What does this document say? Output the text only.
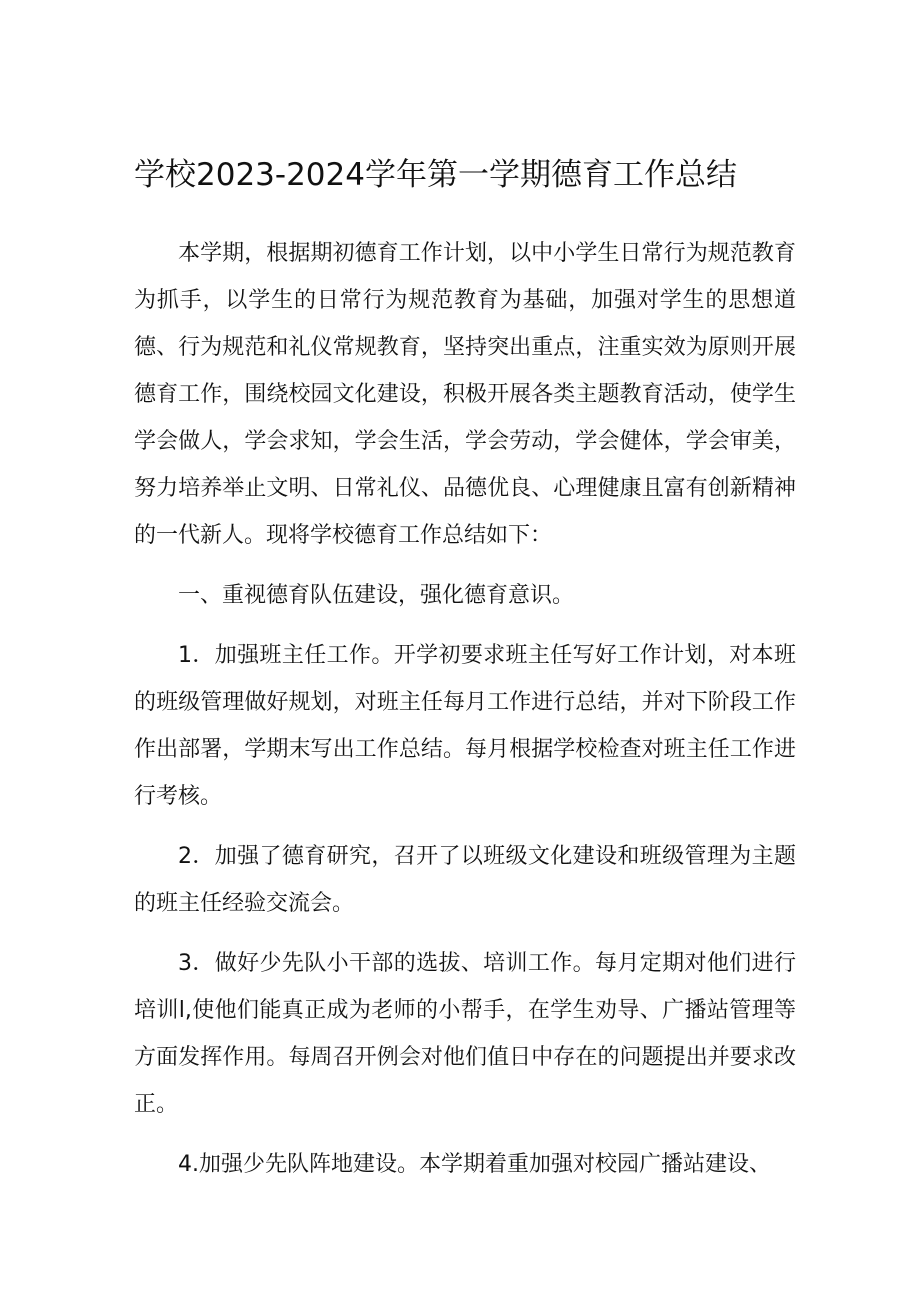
学校2023-2024学年第一学期德育工作总结

本学期，根据期初德育工作计划，以中小学生日常行为规范教育为抓手，以学生的日常行为规范教育为基础，加强对学生的思想道德、行为规范和礼仪常规教育，坚持突出重点，注重实效为原则开展德育工作，围绕校园文化建设，积极开展各类主题教育活动，使学生学会做人，学会求知，学会生活，学会劳动，学会健体，学会审美，努力培养举止文明、日常礼仪、品德优良、心理健康且富有创新精神的一代新人。现将学校德育工作总结如下：

一、重视德育队伍建设，强化德育意识。

1．加强班主任工作。开学初要求班主任写好工作计划，对本班的班级管理做好规划，对班主任每月工作进行总结，并对下阶段工作作出部署，学期末写出工作总结。每月根据学校检查对班主任工作进行考核。

2．加强了德育研究，召开了以班级文化建设和班级管理为主题的班主任经验交流会。

3．做好少先队小干部的选拔、培训工作。每月定期对他们进行培训l,使他们能真正成为老师的小帮手，在学生劝导、广播站管理等方面发挥作用。每周召开例会对他们值日中存在的问题提出并要求改正。

4.加强少先队阵地建设。本学期着重加强对校园广播站建设、
